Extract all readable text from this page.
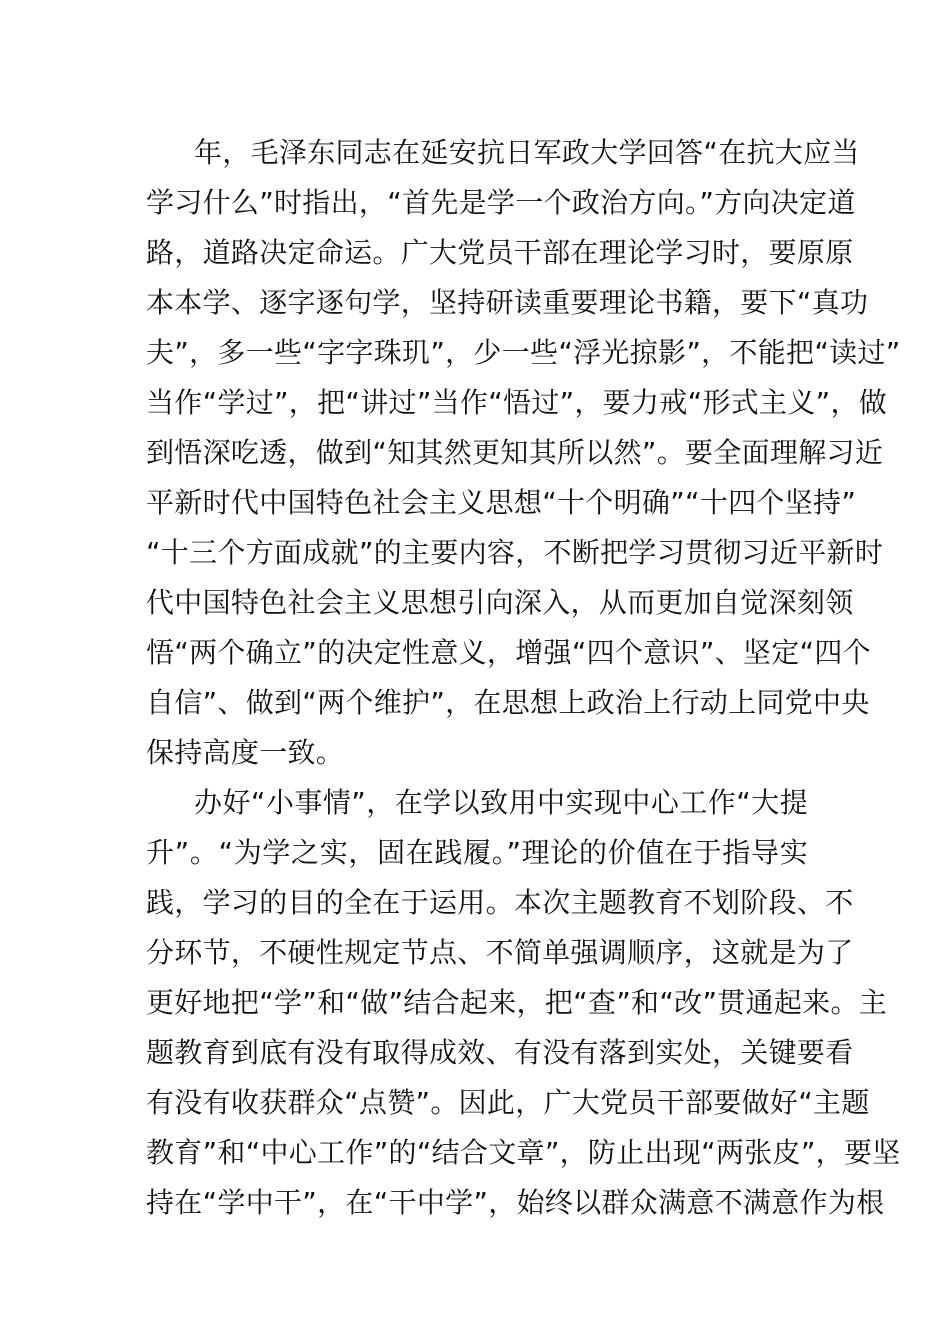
年，毛泽东同志在延安抗日军政大学回答“在抗大应当
学习什么”时指出，“首先是学一个政治方向。”方向决定道
路，道路决定命运。广大党员干部在理论学习时，要原原
本本学、逐字逐句学，坚持研读重要理论书籍，要下“真功
夫”，多一些“字字珠玑”，少一些“浮光掠影”，不能把“读过”
当作“学过”，把“讲过”当作“悟过”，要力戒“形式主义”，做
到悟深吃透，做到“知其然更知其所以然”。要全面理解习近
平新时代中国特色社会主义思想“十个明确”“十四个坚持”
“十三个方面成就”的主要内容，不断把学习贯彻习近平新时
代中国特色社会主义思想引向深入，从而更加自觉深刻领
悟“两个确立”的决定性意义，增强“四个意识”、坚定“四个
自信”、做到“两个维护”，在思想上政治上行动上同党中央
保持高度一致。
办好“小事情”，在学以致用中实现中心工作“大提
升”。“为学之实，固在践履。”理论的价值在于指导实
践，学习的目的全在于运用。本次主题教育不划阶段、不
分环节，不硬性规定节点、不简单强调顺序，这就是为了
更好地把“学”和“做”结合起来，把“查”和“改”贯通起来。主
题教育到底有没有取得成效、有没有落到实处，关键要看
有没有收获群众“点赞”。因此，广大党员干部要做好“主题
教育”和“中心工作”的“结合文章”，防止出现“两张皮”，要坚
持在“学中干”，在“干中学”，始终以群众满意不满意作为根
